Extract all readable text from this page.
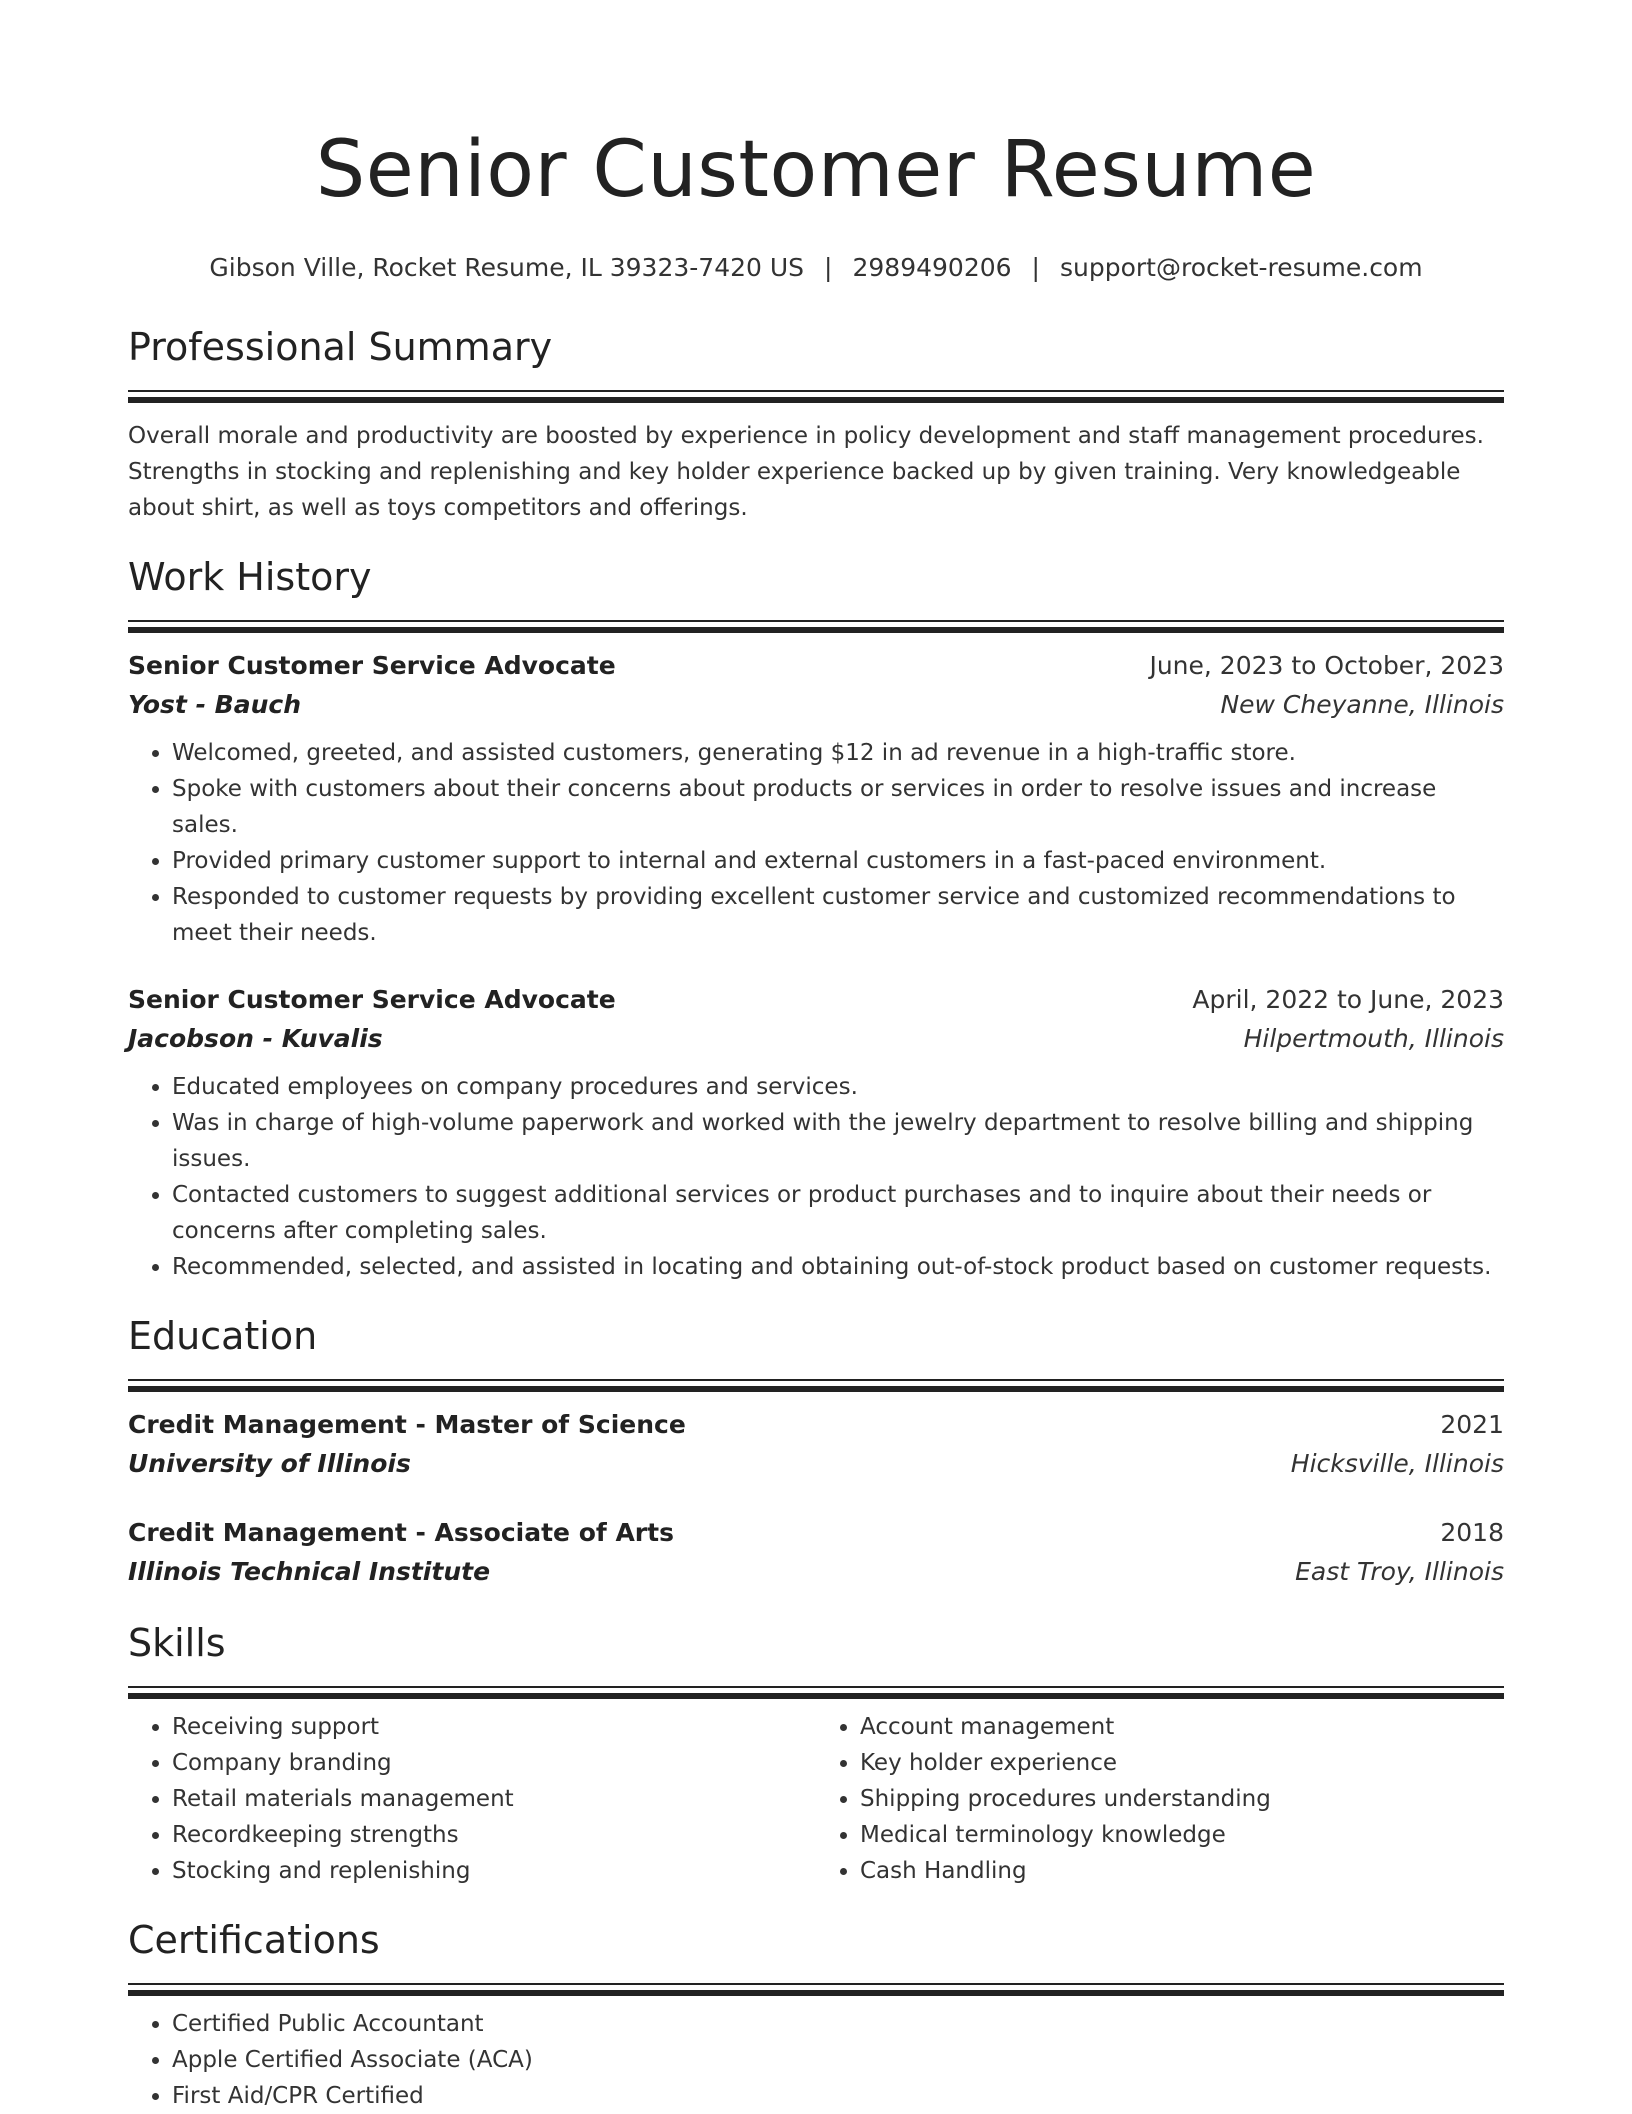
Senior Customer Resume
Gibson Ville, Rocket Resume, IL 39323-7420 US | 2989490206 | support@rocket-resume.com
Professional Summary

Overall morale and productivity are boosted by experience in policy development and staff management procedures. Strengths in stocking and replenishing and key holder experience backed up by given training. Very knowledgeable about shirt, as well as toys competitors and offerings.

Work History
Senior Customer Service Advocate	June, 2023 to October, 2023
Yost - Bauch	New Cheyanne, Illinois
• Welcomed, greeted, and assisted customers, generating $12 in ad revenue in a high-traffic store.
• Spoke with customers about their concerns about products or services in order to resolve issues and increase sales.
• Provided primary customer support to internal and external customers in a fast-paced environment.
• Responded to customer requests by providing excellent customer service and customized recommendations to meet their needs.
Senior Customer Service Advocate	April, 2022 to June, 2023
Jacobson - Kuvalis	Hilpertmouth, Illinois
• Educated employees on company procedures and services.
• Was in charge of high-volume paperwork and worked with the jewelry department to resolve billing and shipping issues.
• Contacted customers to suggest additional services or product purchases and to inquire about their needs or concerns after completing sales.
• Recommended, selected, and assisted in locating and obtaining out-of-stock product based on customer requests.
Education
Credit Management - Master of Science	2021
University of Illinois	Hicksville, Illinois
Credit Management - Associate of Arts	2018
Illinois Technical Institute	East Troy, Illinois
Skills
• Receiving support
• Company branding
• Retail materials management
• Recordkeeping strengths
• Stocking and replenishing
• Account management
• Key holder experience
• Shipping procedures understanding
• Medical terminology knowledge
• Cash Handling
Certifications
• Certified Public Accountant
• Apple Certified Associate (ACA)
• First Aid/CPR Certified
